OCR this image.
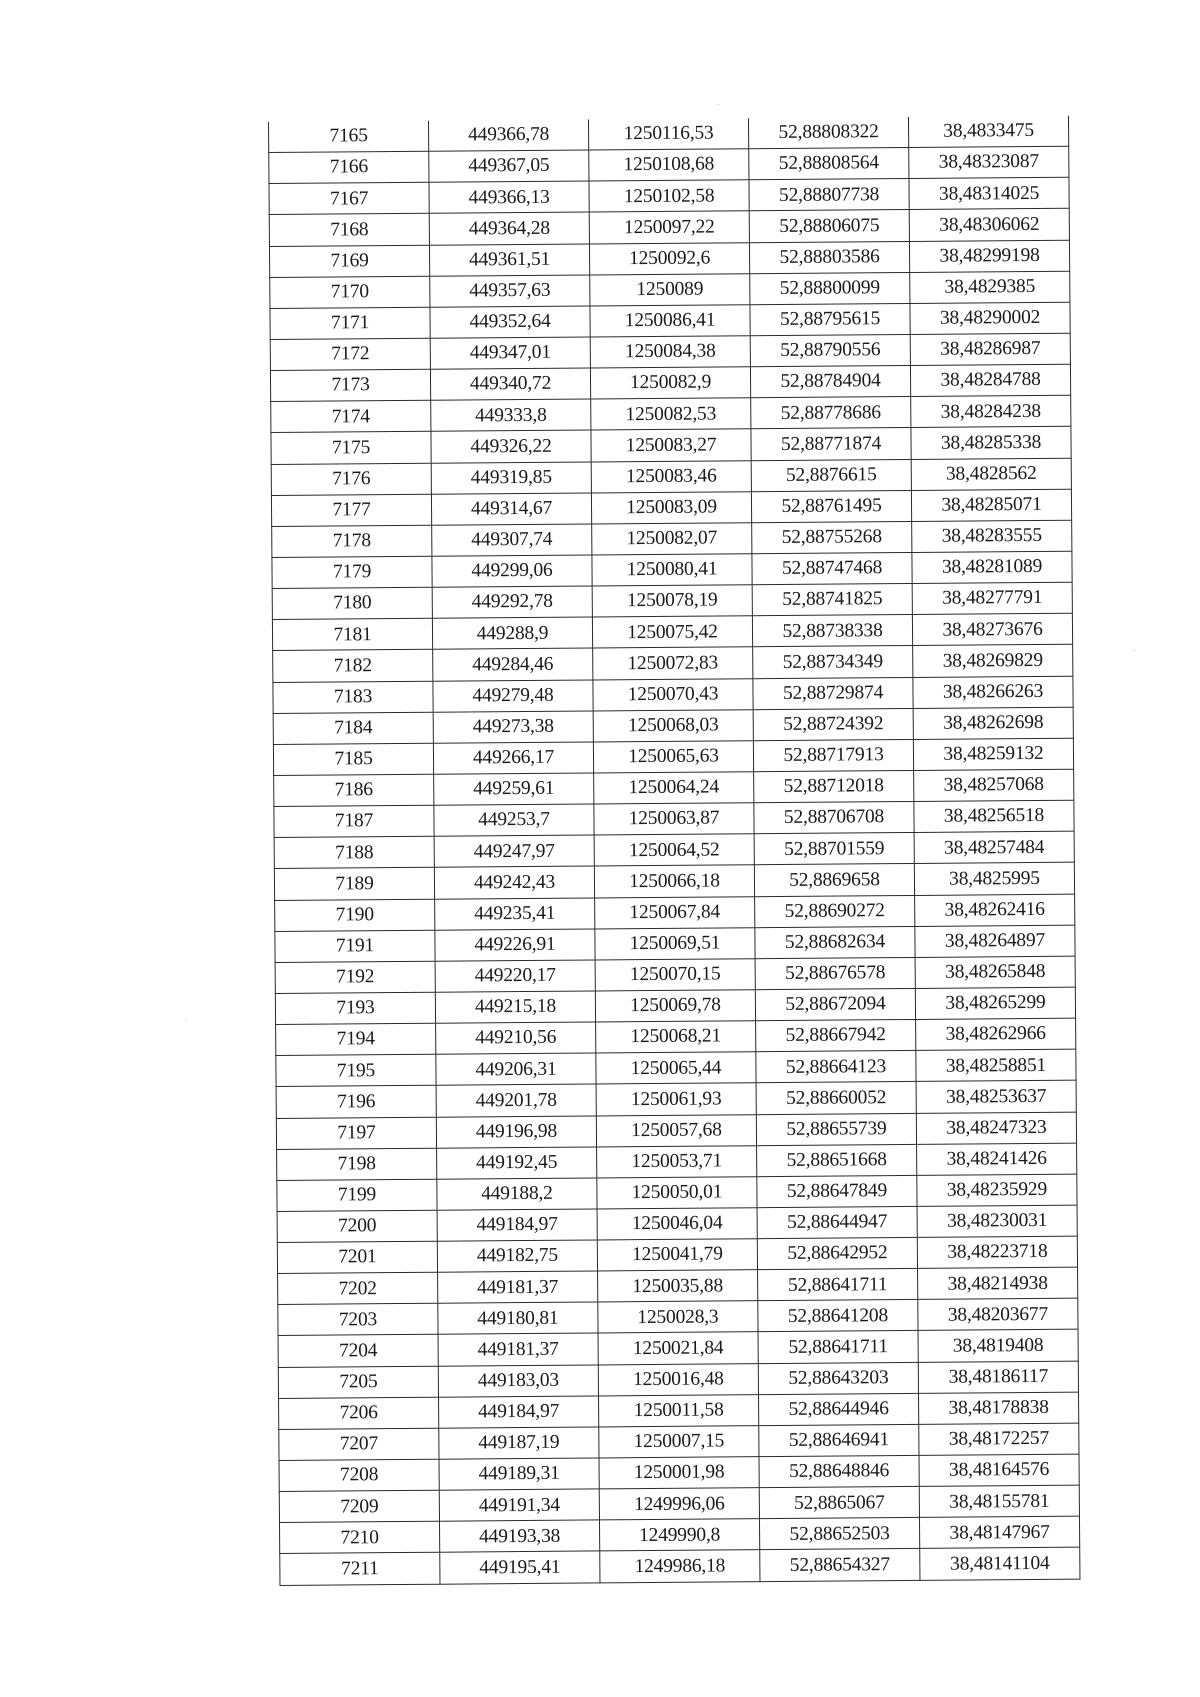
7165	449366,78	1250116,53	52,88808322	38,4833475
7166	449367,05	1250108,68	52,88808564	38,48323087
7167	449366,13	1250102,58	52,88807738	38,48314025
7168	449364,28	1250097,22	52,88806075	38,48306062
7169	449361,51	1250092,6	52,88803586	38,48299198
7170	449357,63	1250089	52,88800099	38,4829385
7171	449352,64	1250086,41	52,88795615	38,48290002
7172	449347,01	1250084,38	52,88790556	38,48286987
7173	449340,72	1250082,9	52,88784904	38,48284788
7174	449333,8	1250082,53	52,88778686	38,48284238
7175	449326,22	1250083,27	52,88771874	38,48285338
7176	449319,85	1250083,46	52,8876615	38,4828562
7177	449314,67	1250083,09	52,88761495	38,48285071
7178	449307,74	1250082,07	52,88755268	38,48283555
7179	449299,06	1250080,41	52,88747468	38,48281089
7180	449292,78	1250078,19	52,88741825	38,48277791
7181	449288,9	1250075,42	52,88738338	38,48273676
7182	449284,46	1250072,83	52,88734349	38,48269829
7183	449279,48	1250070,43	52,88729874	38,48266263
7184	449273,38	1250068,03	52,88724392	38,48262698
7185	449266,17	1250065,63	52,88717913	38,48259132
7186	449259,61	1250064,24	52,88712018	38,48257068
7187	449253,7	1250063,87	52,88706708	38,48256518
7188	449247,97	1250064,52	52,88701559	38,48257484
7189	449242,43	1250066,18	52,8869658	38,4825995
7190	449235,41	1250067,84	52,88690272	38,48262416
7191	449226,91	1250069,51	52,88682634	38,48264897
7192	449220,17	1250070,15	52,88676578	38,48265848
7193	449215,18	1250069,78	52,88672094	38,48265299
7194	449210,56	1250068,21	52,88667942	38,48262966
7195	449206,31	1250065,44	52,88664123	38,48258851
7196	449201,78	1250061,93	52,88660052	38,48253637
7197	449196,98	1250057,68	52,88655739	38,48247323
7198	449192,45	1250053,71	52,88651668	38,48241426
7199	449188,2	1250050,01	52,88647849	38,48235929
7200	449184,97	1250046,04	52,88644947	38,48230031
7201	449182,75	1250041,79	52,88642952	38,48223718
7202	449181,37	1250035,88	52,88641711	38,48214938
7203	449180,81	1250028,3	52,88641208	38,48203677
7204	449181,37	1250021,84	52,88641711	38,4819408
7205	449183,03	1250016,48	52,88643203	38,48186117
7206	449184,97	1250011,58	52,88644946	38,48178838
7207	449187,19	1250007,15	52,88646941	38,48172257
7208	449189,31	1250001,98	52,88648846	38,48164576
7209	449191,34	1249996,06	52,8865067	38,48155781
7210	449193,38	1249990,8	52,88652503	38,48147967
7211	449195,41	1249986,18	52,88654327	38,48141104
